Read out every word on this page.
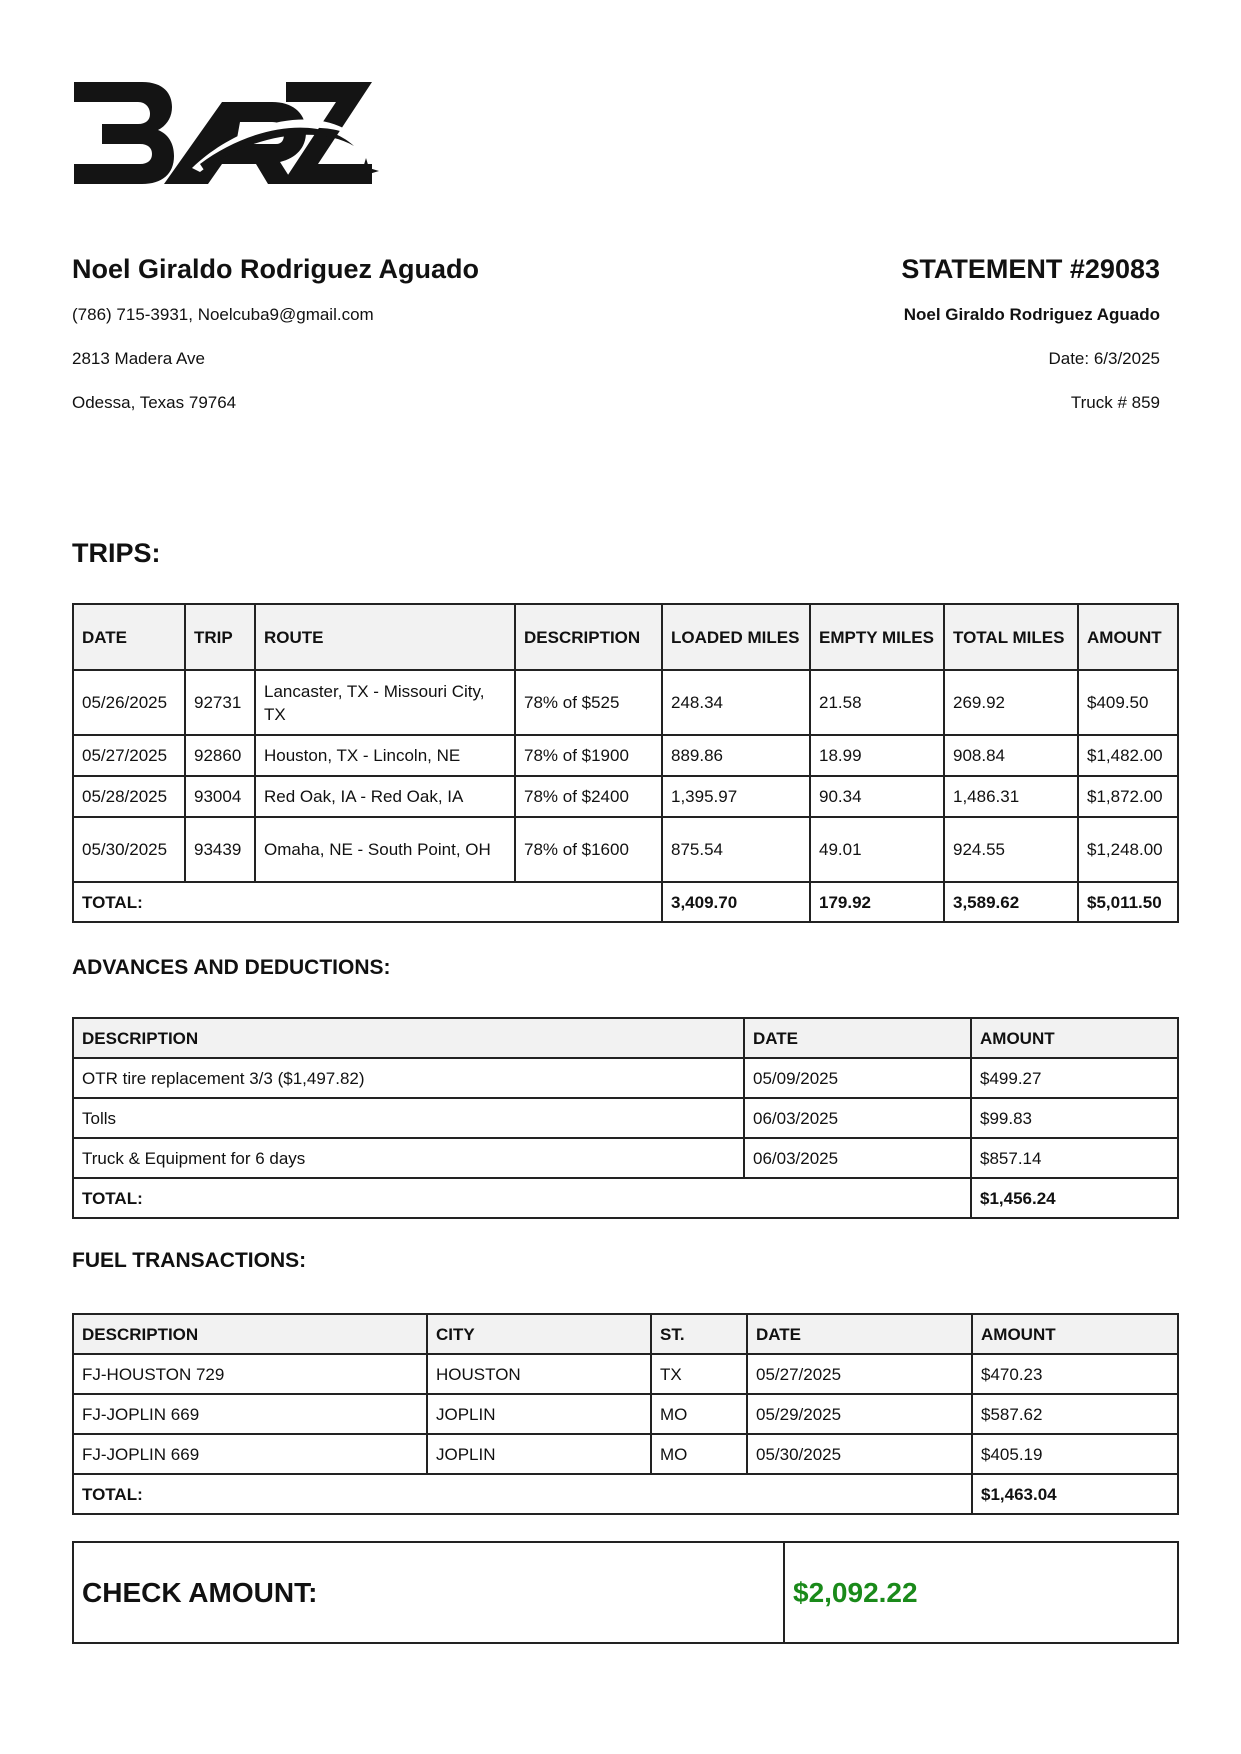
Noel Giraldo Rodriguez Aguado
(786) 715-3931, Noelcuba9@gmail.com
2813 Madera Ave
Odessa, Texas 79764
STATEMENT #29083
Noel Giraldo Rodriguez Aguado
Date: 6/3/2025
Truck # 859
TRIPS:
DATE	TRIP	ROUTE	DESCRIPTION	LOADED MILES	EMPTY MILES	TOTAL MILES	AMOUNT
05/26/2025	92731	Lancaster, TX - Missouri City, TX	78% of $525	248.34	21.58	269.92	$409.50
05/27/2025	92860	Houston, TX - Lincoln, NE	78% of $1900	889.86	18.99	908.84	$1,482.00
05/28/2025	93004	Red Oak, IA - Red Oak, IA	78% of $2400	1,395.97	90.34	1,486.31	$1,872.00
05/30/2025	93439	Omaha, NE - South Point, OH	78% of $1600	875.54	49.01	924.55	$1,248.00
TOTAL:				3,409.70	179.92	3,589.62	$5,011.50
ADVANCES AND DEDUCTIONS:
DESCRIPTION	DATE	AMOUNT
OTR tire replacement 3/3 ($1,497.82)	05/09/2025	$499.27
Tolls	06/03/2025	$99.83
Truck & Equipment for 6 days	06/03/2025	$857.14
TOTAL:		$1,456.24
FUEL TRANSACTIONS:
DESCRIPTION	CITY	ST.	DATE	AMOUNT
FJ-HOUSTON 729	HOUSTON	TX	05/27/2025	$470.23
FJ-JOPLIN 669	JOPLIN	MO	05/29/2025	$587.62
FJ-JOPLIN 669	JOPLIN	MO	05/30/2025	$405.19
TOTAL:				$1,463.04
CHECK AMOUNT:	$2,092.22
